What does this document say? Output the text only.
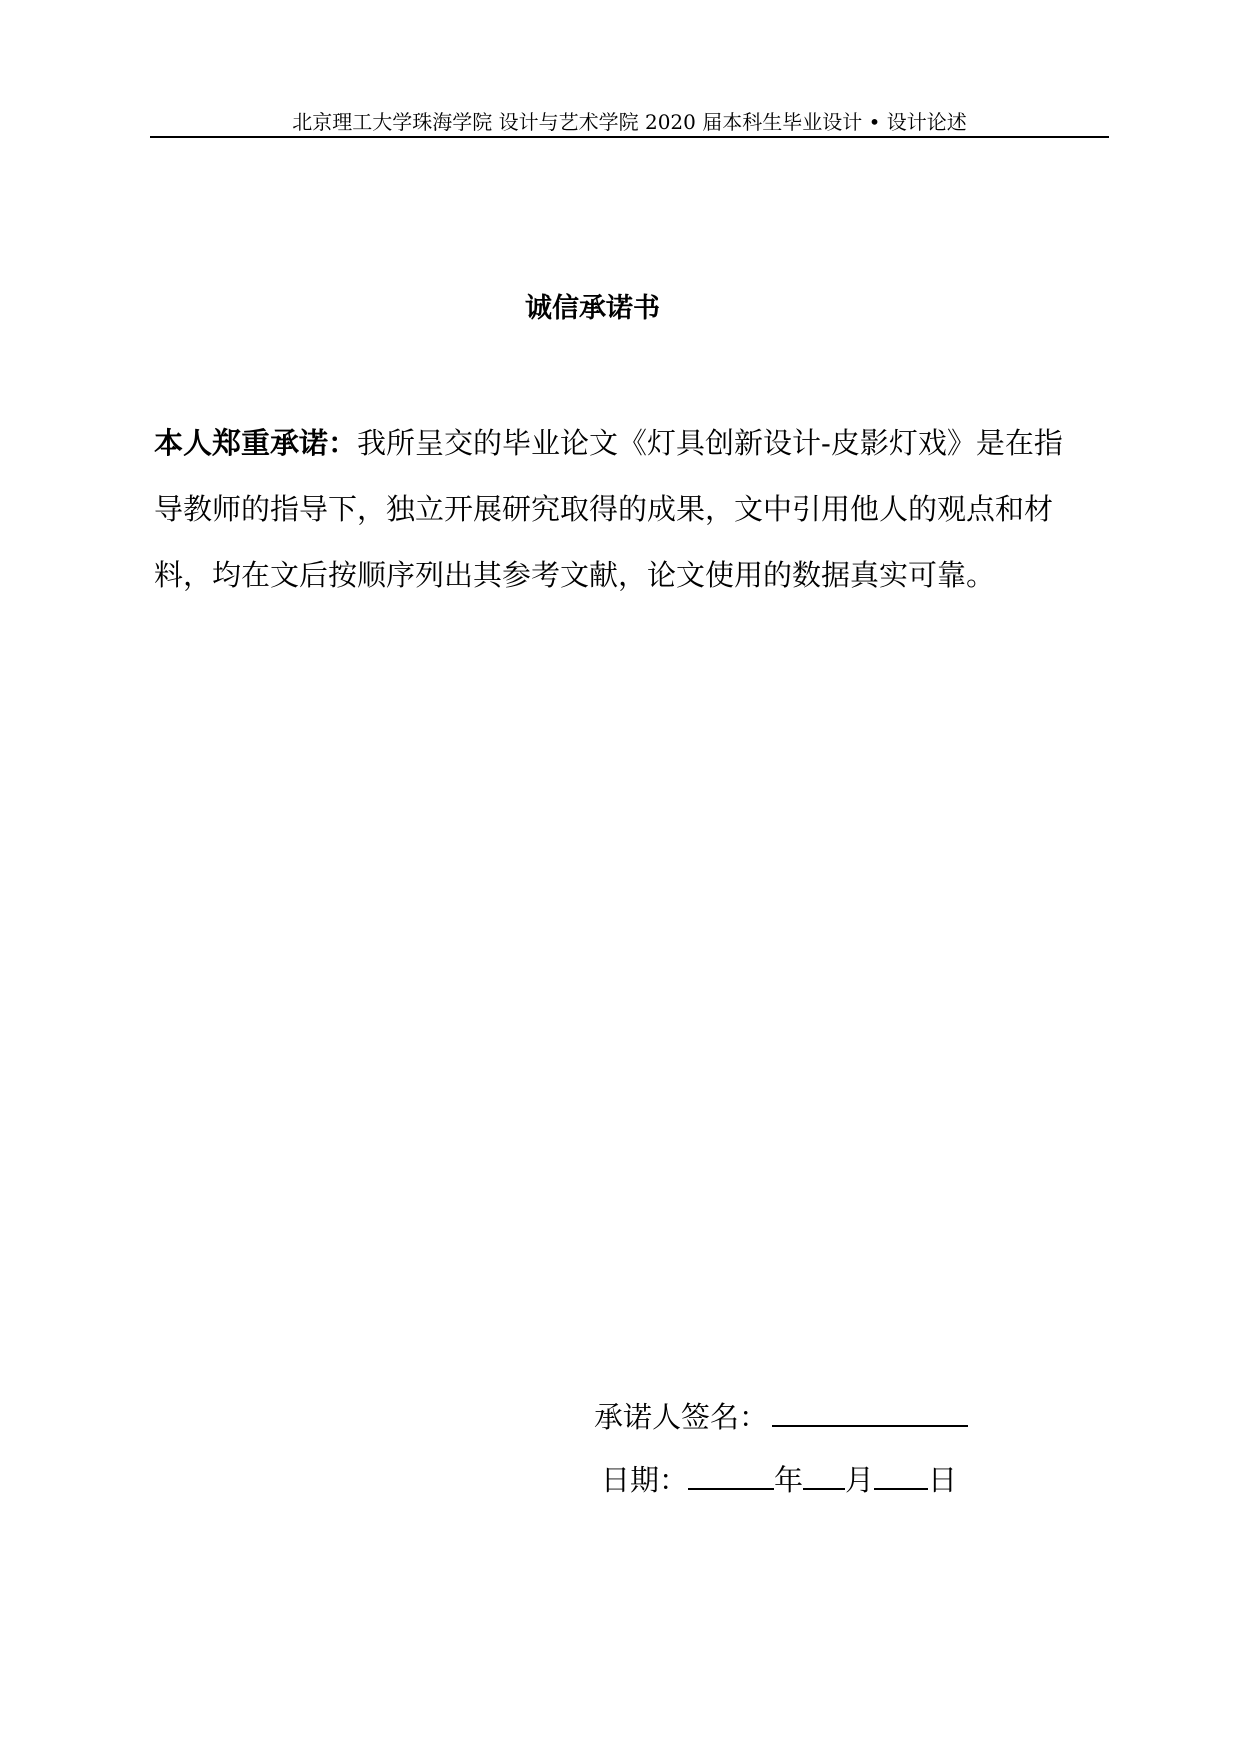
北京理工大学珠海学院 设计与艺术学院 2020 届本科生毕业设计 • 设计论述
诚信承诺书
本人郑重承诺：我所呈交的毕业论文《灯具创新设计-皮影灯戏》是在指导教师的指导下，独立开展研究取得的成果，文中引用他人的观点和材料，均在文后按顺序列出其参考文献，论文使用的数据真实可靠。
承诺人签名：
日期：	年 月 日
